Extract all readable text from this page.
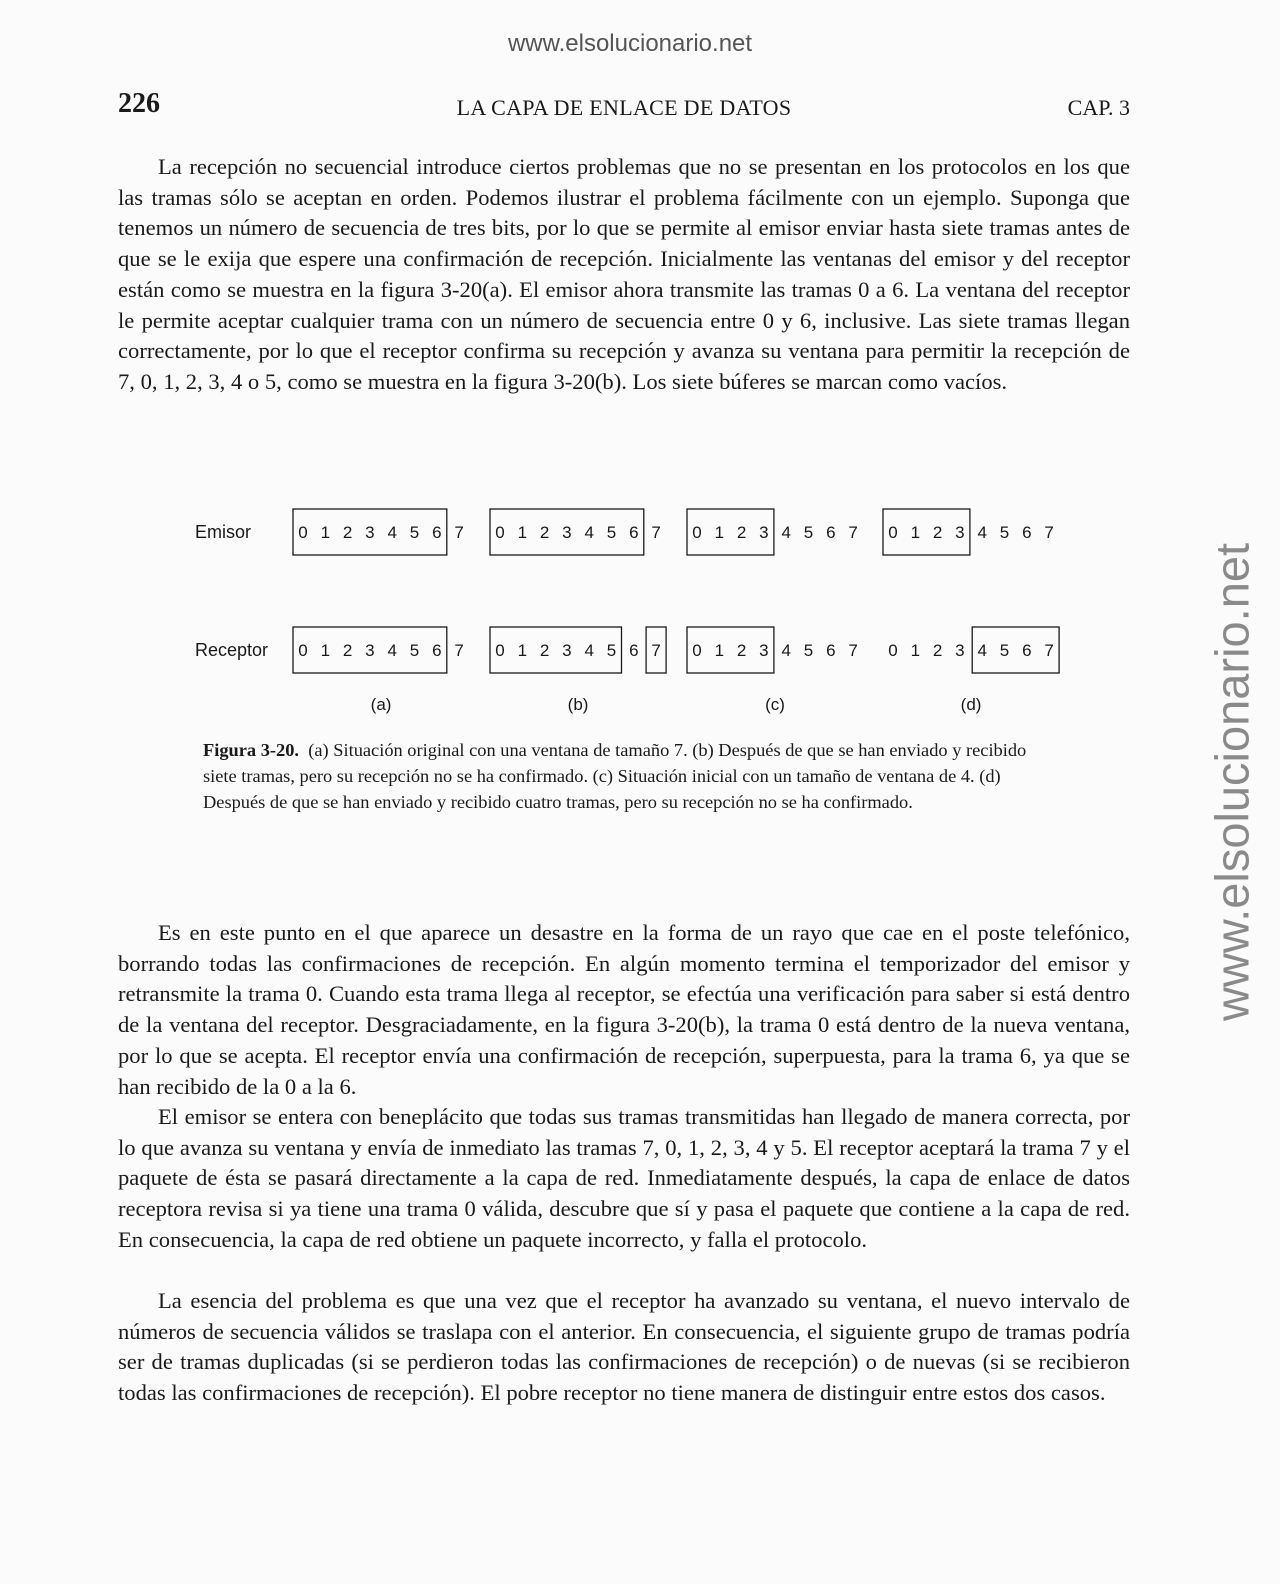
www.elsolucionario.net
www.elsolucionario.net
226	LA CAPA DE ENLACE DE DATOS	CAP. 3

La recepción no secuencial introduce ciertos problemas que no se presentan en los protocolos en los que las tramas sólo se aceptan en orden. Podemos ilustrar el problema fácilmente con un ejemplo. Suponga que tenemos un número de secuencia de tres bits, por lo que se permite al emisor enviar hasta siete tramas antes de que se le exija que espere una confirmación de recepción. Inicialmente las ventanas del emisor y del receptor están como se muestra en la figura 3-20(a). El emisor ahora transmite las tramas 0 a 6. La ventana del receptor le permite aceptar cualquier trama con un número de secuencia entre 0 y 6, inclusive. Las siete tramas llegan correctamente, por lo que el receptor confirma su recepción y avanza su ventana para permitir la recepción de 7, 0, 1, 2, 3, 4 o 5, como se muestra en la figura 3-20(b). Los siete búferes se marcan como vacíos.

Emisor
Receptor
0 1 2 3 4 5 6 7
0 1 2 3 4 5 6 7
(a)
0 1 2 3 4 5 6 7
0 1 2 3 4 5 6 7
(b)
0 1 2 3 4 5 6 7
0 1 2 3 4 5 6 7
(c)
0 1 2 3 4 5 6 7
0 1 2 3 4 5 6 7
(d)

Figura 3-20. (a) Situación original con una ventana de tamaño 7. (b) Después de que se han enviado y recibido siete tramas, pero su recepción no se ha confirmado. (c) Situación inicial con un tamaño de ventana de 4. (d) Después de que se han enviado y recibido cuatro tramas, pero su recepción no se ha confirmado.

Es en este punto en el que aparece un desastre en la forma de un rayo que cae en el poste telefónico, borrando todas las confirmaciones de recepción. En algún momento termina el temporizador del emisor y retransmite la trama 0. Cuando esta trama llega al receptor, se efectúa una verificación para saber si está dentro de la ventana del receptor. Desgraciadamente, en la figura 3-20(b), la trama 0 está dentro de la nueva ventana, por lo que se acepta. El receptor envía una confirmación de recepción, superpuesta, para la trama 6, ya que se han recibido de la 0 a la 6.

El emisor se entera con beneplácito que todas sus tramas transmitidas han llegado de manera correcta, por lo que avanza su ventana y envía de inmediato las tramas 7, 0, 1, 2, 3, 4 y 5. El receptor aceptará la trama 7 y el paquete de ésta se pasará directamente a la capa de red. Inmediatamente después, la capa de enlace de datos receptora revisa si ya tiene una trama 0 válida, descubre que sí y pasa el paquete que contiene a la capa de red. En consecuencia, la capa de red obtiene un paquete incorrecto, y falla el protocolo.

La esencia del problema es que una vez que el receptor ha avanzado su ventana, el nuevo intervalo de números de secuencia válidos se traslapa con el anterior. En consecuencia, el siguiente grupo de tramas podría ser de tramas duplicadas (si se perdieron todas las confirmaciones de recepción) o de nuevas (si se recibieron todas las confirmaciones de recepción). El pobre receptor no tiene manera de distinguir entre estos dos casos.
